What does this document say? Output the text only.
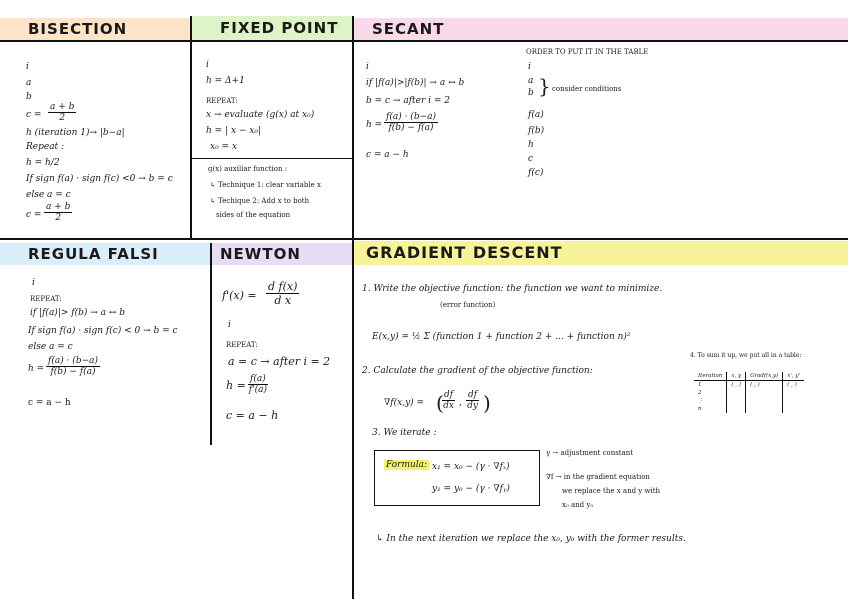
BISECTION	FIXED POINT	SECANT
REGULA FALSI	NEWTON	GRADIENT DESCENT
i
a
b
$c = \frac{a + b}{2}$
h (iteration 1)→ |b−a|
Repeat :
h = h/2
If sign f(a) · sign f(c) <0 → b = c
else a = c
$c = \frac{a + b}{2}$
i
h = Δ+1
REPEAT:
x → evaluate (g(x) at x₀)
h = | x − x₀|
x₀ = x
g(x) auxiliar function :
↳ Technique 1: clear variable x
↳ Techique 2: Add x to both
sides of the equation
i
if |f(a)|>|f(b)| → a ↔ b
b = c → after i = 2
$h = \frac{f(a) \cdot (b-a)}{f(b) - f(a)}$
c = a − h
ORDER TO PUT IT IN THE TABLE
i
a
b } consider conditions
f(a)
f(b)
h
c
f(c)
i
REPEAT:
if |f(a)|> f(b) → a ↔ b
If sign f(a) · sign f(c) < 0 → b = c
else a = c
$h = \frac{f(a) \cdot (b-a)}{f(b) - f(a)}$
c = a − h
$f'(x) = \frac{\text{d f(x)}}{\text{d x}}$
i
REPEAT:
a = c → after i = 2
$h = \frac{f(a)}{f'(a)}$
c = a − h
1. Write the objective function: the function we want to minimize.
(error function)
E(x,y) = ½ Σ (function 1 + function 2 + ... + function n)²
2. Calculate the gradient of the objective function:
∇f(x,y) = (
$\frac{df}{dx}$ , $\frac{df}{dy}$ )
3. We iterate :
Formula: x₁ = x₀ − (γ · ∇fₓ)
y₁ = y₀ − (γ · ∇fᵧ)
γ → adjustment constant
∇f → in the gradient equation
we replace the x and y with
x₀ and y₀
↳ In the next iteration we replace the x₀, y₀ with the former results.
4. To sum it up, we put all in a table:
Iteration	x, y	Gradf(x,y)	x', y'
1	( , )	( , )	( , )
2			
⋮			
n			
